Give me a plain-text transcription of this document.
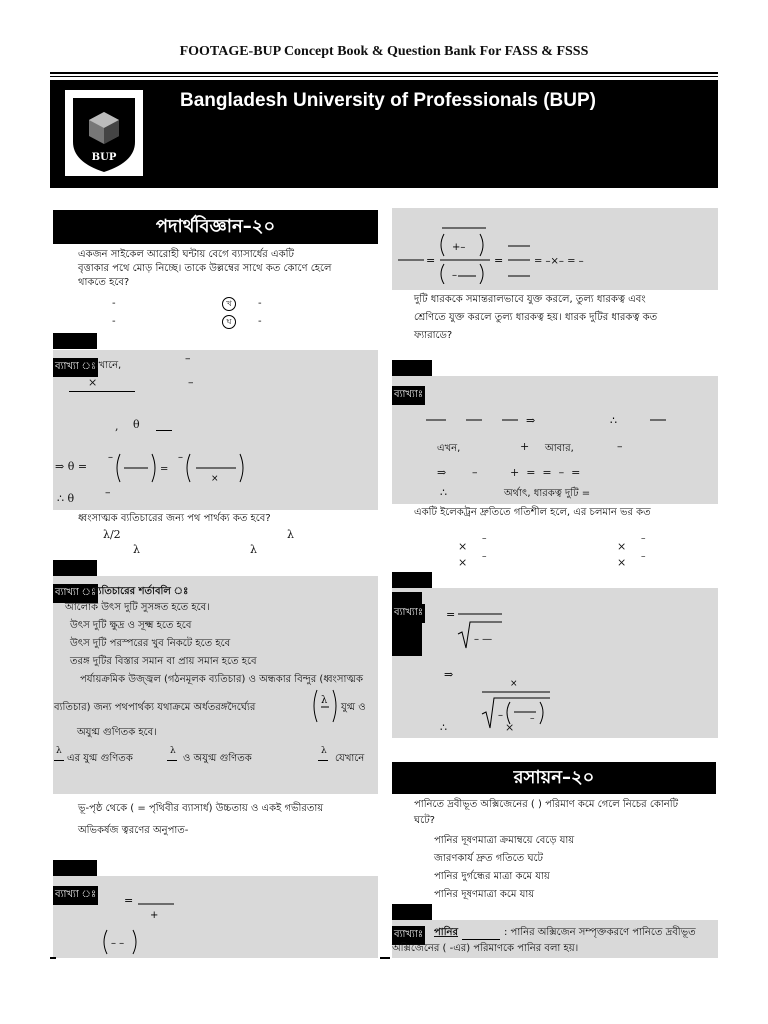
FOOTAGE-BUP Concept Book & Question Bank For FASS & FSSS
BUP
Bangladesh University of Professionals (BUP)
পদার্থবিজ্ঞান–২০
একজন সাইকেল আরোহী ঘন্টায় বেগে ব্যাসার্ধের একটি
বৃত্তাকার পথে মোড় নিচ্ছে। তাকে উল্লম্বের সাথে কত কোণে হেলে
থাকতে হবে?
-	খ	-
-	ঘ	-
ব্যাখ্যা ঃ
এখানে,
–
×	–
, θ
⇒ θ =
–
=
–
×
∴ θ	–
ধ্বংসাত্মক ব্যতিচারের জন্য পথ পার্থক্য কত হবে?
λ/2	λ
λ	λ
ব্যাখ্যা ঃ
ব্যতিচারের শর্তাবলি ঃ
আলোক উৎস দুটি সুসঙ্গত হতে হবে।
উৎস দুটি ক্ষুদ্র ও সূক্ষ্ম হতে হবে
উৎস দুটি পরস্পরের খুব নিকটে হতে হবে
তরঙ্গ দুটির বিস্তার সমান বা প্রায় সমান হতে হবে
পর্যায়ক্রমিক উজ্জ্বল (গঠনমূলক ব্যতিচার) ও অন্ধকার বিন্দুর (ধ্বংসাত্মক
ব্যতিচার) জন্য পথপার্থক্য যথাক্রমে অর্ধতরঙ্গদৈর্ঘ্যের
λ
যুগ্ম ও
অযুগ্ম গুণিতক হবে।
λ
এর যুগ্ম গুণিতক
λ
ও অযুগ্ম গুণিতক
λ
যেখানে
ভূ-পৃষ্ঠ থেকে ( = পৃথিবীর ব্যাসার্ধ) উচ্চতায় ও একই গভীরতায়
অভিকর্ষজ ত্বরণের অনুপাত-
ব্যাখ্যা ঃ	=
+
– –
=
+–
–
=	= –×– = –
দুটি ধারককে সমান্তরালভাবে যুক্ত করলে, তুল্য ধারকত্ব এবং
শ্রেণিতে যুক্ত করলে তুল্য ধারকত্ব হয়। ধারক দুটির ধারকত্ব কত
ফ্যারাডে?
ব্যাখ্যাঃ
⇒	∴
এখন,	+ আবার,	–
⇒ –	+  =  =  –  =
∴	অর্থাৎ, ধারকত্ব দুটি =
একটি ইলেকট্রন দ্রুতিতে গতিশীল হলে, এর চলমান ভর কত
×
–
× –
×
–
× –
ব্যাখ্যাঃ =
– —
⇒
×
–
∴	×
–
রসায়ন–২০
পানিতে দ্রবীভূত অক্সিজেনের ( ) পরিমাণ কমে গেলে নিচের কোনটি
ঘটে?
পানির দূষণমাত্রা ক্রমাম্বয়ে বেড়ে যায়
জারণকার্য দ্রুত গতিতে ঘটে
পানির দুর্গন্ধের মাত্রা কমে যায়
পানির দূষণমাত্রা কমে যায়
ব্যাখ্যাঃ পানির	: পানির অক্সিজেন সম্পৃক্তকরণে পানিতে দ্রবীভূত
অক্সিজেনের ( -এর) পরিমাণকে পানির বলা হয়।
